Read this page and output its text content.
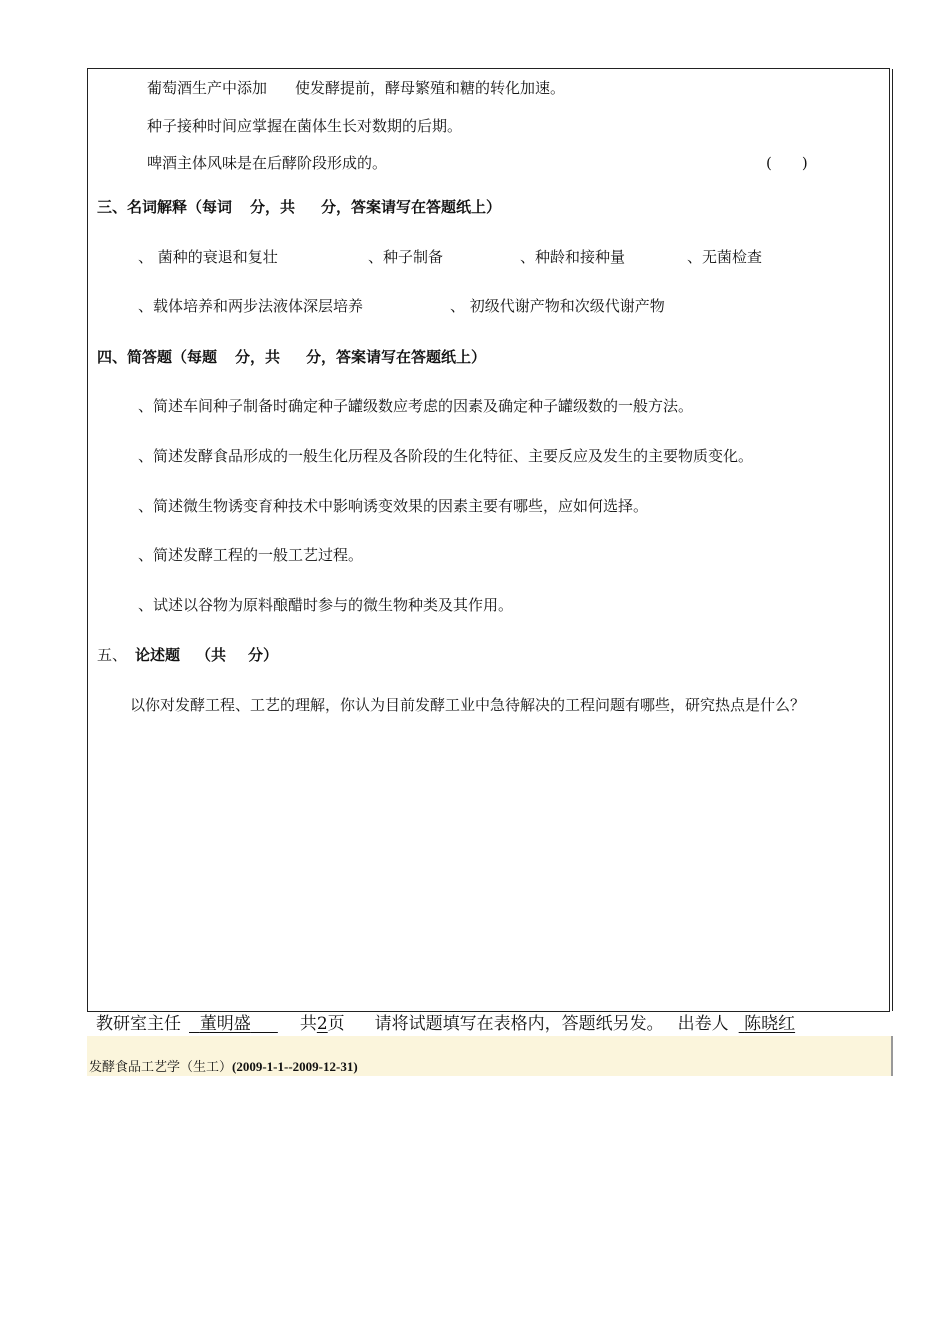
葡萄酒生产中添加 使发酵提前，酵母繁殖和糖的转化加速。
种子接种时间应掌握在菌体生长对数期的后期。
啤酒主体风味是在后酵阶段形成的。	(　　)
三、名词解释（每词 分，共 分，答案请写在答题纸上）
、 菌种的衰退和复壮	、种子制备	、种龄和接种量	、无菌检查
、载体培养和两步法液体深层培养	、 初级代谢产物和次级代谢产物
四、简答题（每题 分，共 分，答案请写在答题纸上）
、简述车间种子制备时确定种子罐级数应考虑的因素及确定种子罐级数的一般方法。
、简述发酵食品形成的一般生化历程及各阶段的生化特征、主要反应及发生的主要物质变化。
、简述微生物诱变育种技术中影响诱变效果的因素主要有哪些，应如何选择。
、简述发酵工程的一般工艺过程。
、试述以谷物为原料酿醋时参与的微生物种类及其作用。
五、 论述题 （共 分）
以你对发酵工程、工艺的理解，你认为目前发酵工业中急待解决的工程问题有哪些，研究热点是什么？
教研室主任 董明盛	共2页 请将试题填写在表格内，答题纸另发。 出卷人 陈晓红
发酵食品工艺学（生工）(2009-1-1--2009-12-31)
